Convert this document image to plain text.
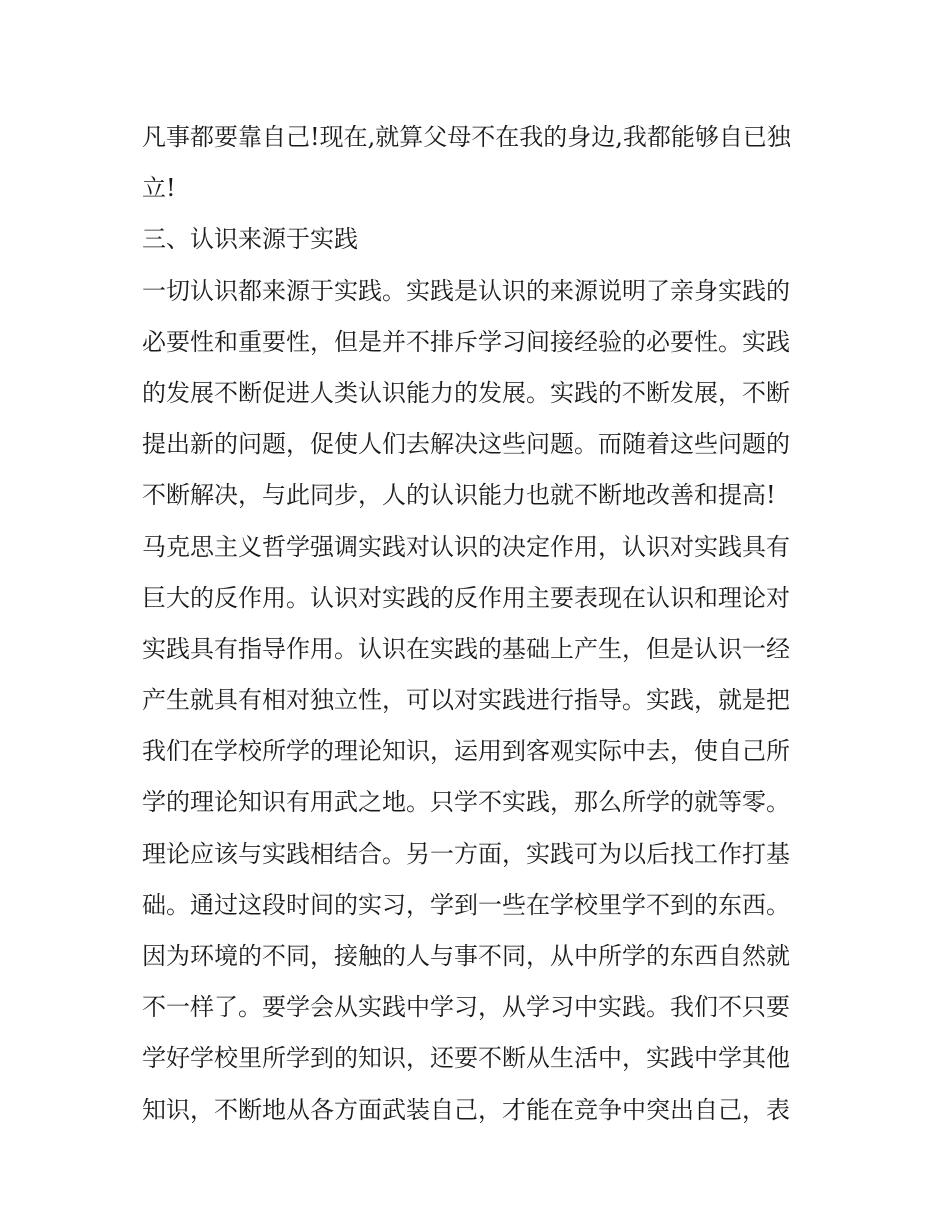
凡事都要靠自己!现在,就算父母不在我的身边,我都能够自已独
立!
三、认识来源于实践
一切认识都来源于实践。实践是认识的来源说明了亲身实践的
必要性和重要性，但是并不排斥学习间接经验的必要性。实践
的发展不断促进人类认识能力的发展。实践的不断发展，不断
提出新的问题，促使人们去解决这些问题。而随着这些问题的
不断解决，与此同步，人的认识能力也就不断地改善和提高!
马克思主义哲学强调实践对认识的决定作用，认识对实践具有
巨大的反作用。认识对实践的反作用主要表现在认识和理论对
实践具有指导作用。认识在实践的基础上产生，但是认识一经
产生就具有相对独立性，可以对实践进行指导。实践，就是把
我们在学校所学的理论知识，运用到客观实际中去，使自己所
学的理论知识有用武之地。只学不实践，那么所学的就等零。
理论应该与实践相结合。另一方面，实践可为以后找工作打基
础。通过这段时间的实习，学到一些在学校里学不到的东西。
因为环境的不同，接触的人与事不同，从中所学的东西自然就
不一样了。要学会从实践中学习，从学习中实践。我们不只要
学好学校里所学到的知识，还要不断从生活中，实践中学其他
知识，不断地从各方面武装自己，才能在竞争中突出自己，表
